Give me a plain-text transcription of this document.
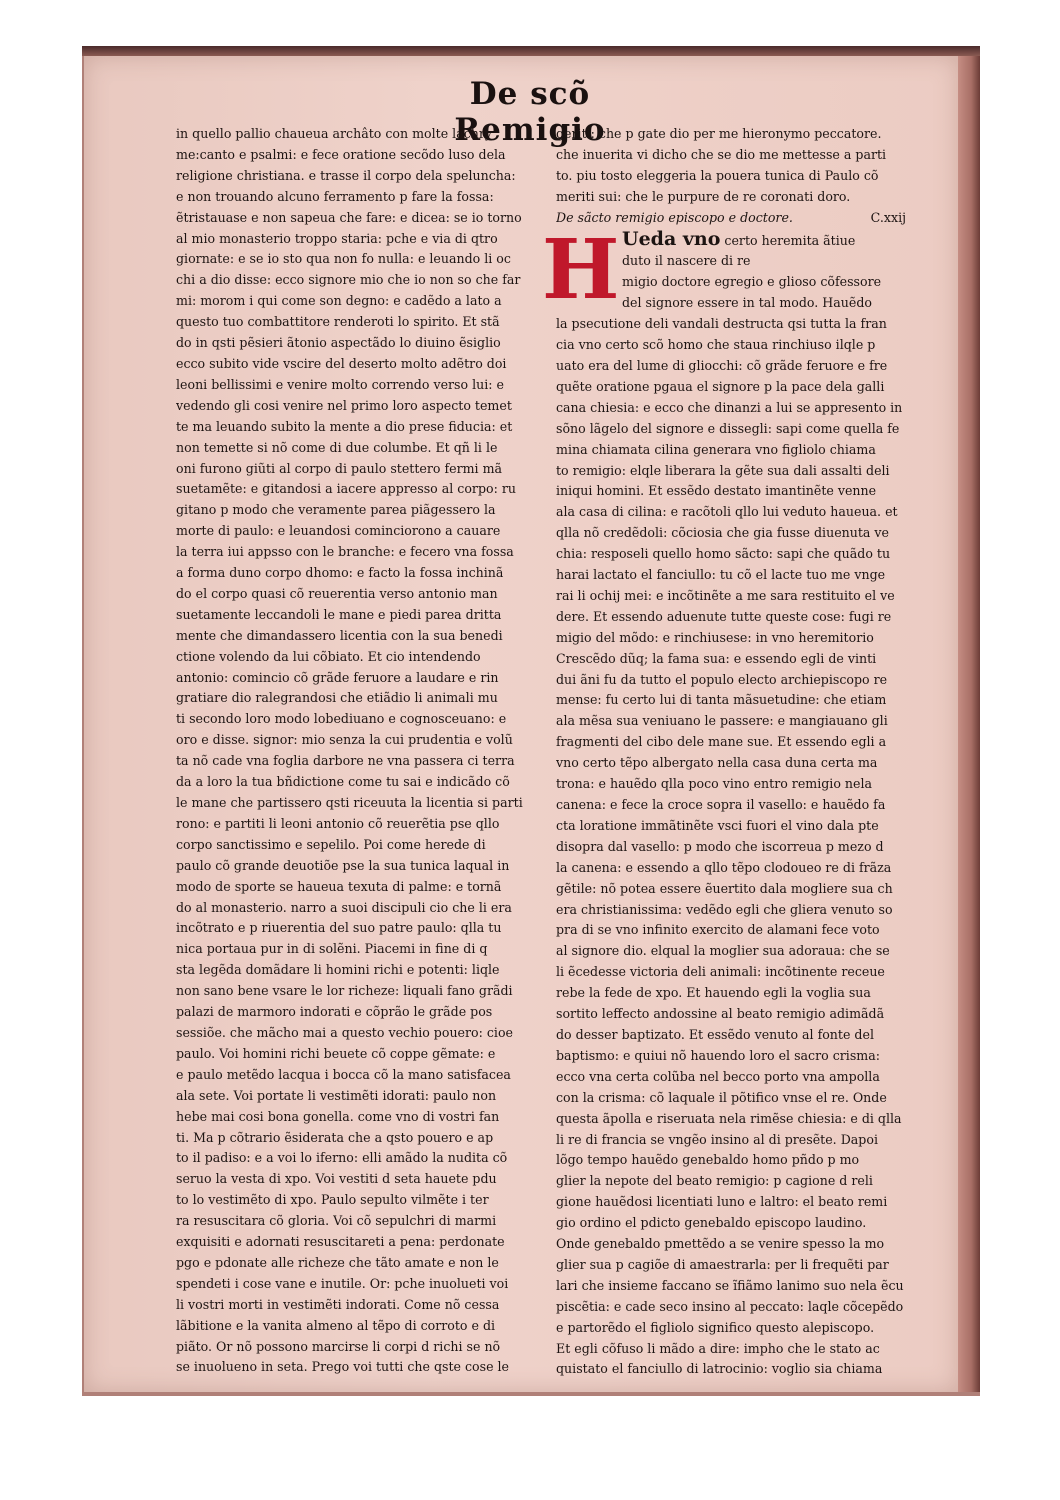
De scõ Remigio
in quello pallio chaueua archâto con molte lachry
me:canto e psalmi: e fece oratione secõdo luso dela
religione christiana. e trasse il corpo dela speluncha:
e non trouando alcuno ferramento p fare la fossa:
ẽtristauase e non sapeua che fare: e dicea: se io torno
al mio monasterio troppo staria: pche e via di qtro
giornate: e se io sto qua non fo nulla: e leuando li oc
chi a dio disse: ecco signore mio che io non so che far
mi: morom i qui come son degno: e cadẽdo a lato a
questo tuo combattitore renderoti lo spirito. Et stã
do in qsti pẽsieri ãtonio aspectãdo lo diuino ẽsiglio
ecco subito vide vscire del deserto molto adẽtro doi
leoni bellissimi e venire molto correndo verso lui: e
vedendo gli cosi venire nel primo loro aspecto temet
te ma leuando subito la mente a dio prese fiducia: et
non temette si nõ come di due columbe. Et qñ li le
oni furono giũti al corpo di paulo stettero fermi mã
suetamẽte: e gitandosi a iacere appresso al corpo: ru
gitano p modo che veramente parea piãgessero la
morte di paulo: e leuandosi cominciorono a cauare
la terra iui appsso con le branche: e fecero vna fossa
a forma duno corpo dhomo: e facto la fossa inchinã
do el corpo quasi cõ reuerentia verso antonio man
suetamente leccandoli le mane e piedi parea dritta
mente che dimandassero licentia con la sua benedi
ctione volendo da lui cõbiato. Et cio intendendo
antonio: comincio cõ grãde feruore a laudare e rin
gratiare dio ralegrandosi che etiãdio li animali mu
ti secondo loro modo lobediuano e cognosceuano: e
oro e disse. signor: mio senza la cui prudentia e volũ
ta nõ cade vna foglia darbore ne vna passera ci terra
da a loro la tua bñdictione come tu sai e indicãdo cõ
le mane che partissero qsti riceuuta la licentia si parti
rono: e partiti li leoni antonio cõ reuerẽtia pse qllo
corpo sanctissimo e sepelilo. Poi come herede di
paulo cõ grande deuotiõe pse la sua tunica laqual in
modo de sporte se haueua texuta di palme: e tornã
do al monasterio. narro a suoi discipuli cio che li era
incõtrato e p riuerentia del suo patre paulo: qlla tu
nica portaua pur in di solẽni. Piacemi in fine di q
sta legẽda domãdare li homini richi e potenti: liqle
non sano bene vsare le lor richeze: liquali fano grãdi
palazi de marmoro indorati e cõprão le grãde pos
sessiõe. che mãcho mai a questo vechio pouero: cioe
paulo. Voi homini richi beuete cõ coppe gẽmate: e
e paulo metẽdo lacqua i bocca cõ la mano satisfacea
ala sete. Voi portate li vestimẽti idorati: paulo non
hebe mai cosi bona gonella. come vno di vostri fan
ti. Ma p cõtrario ẽsiderata che a qsto pouero e ap
to il padiso: e a voi lo iferno: elli amãdo la nudita cõ
seruo la vesta di xpo. Voi vestiti d seta hauete pdu
to lo vestimẽto di xpo. Paulo sepulto vilmẽte i ter
ra resuscitara cõ gloria. Voi cõ sepulchri di marmi
exquisiti e adornati resuscitareti a pena: perdonate
pgo e pdonate alle richeze che tãto amate e non le
spendeti i cose vane e inutile. Or: pche inuolueti voi
li vostri morti in vestimẽti indorati. Come nõ cessa
lãbitione e la vanita almeno al tẽpo di corroto e di
piãto. Or nõ possono marcirse li corpi d richi se nõ
se inuolueno in seta. Prego voi tutti che qste cose le
geriti: che p gate dio per me hieronymo peccatore.
che inuerita vi dicho che se dio me mettesse a parti
to. piu tosto eleggeria la pouera tunica di Paulo cõ
meriti sui: che le purpure de re coronati doro.
De sãcto remigio episcopo e doctore.	C.xxij
H Ueda vno certo heremita ãtiue
duto il nascere di re
migio doctore egregio e glioso cõfessore
del signore essere in tal modo. Hauẽdo
la psecutione deli vandali destructa qsi tutta la fran
cia vno certo scõ homo che staua rinchiuso ilqle p
uato era del lume di gliocchi: cõ grãde feruore e fre
quẽte oratione pgaua el signore p la pace dela galli
cana chiesia: e ecco che dinanzi a lui se appresento in
sõno lãgelo del signore e dissegli: sapi come quella fe
mina chiamata cilina generara vno figliolo chiama
to remigio: elqle liberara la gẽte sua dali assalti deli
iniqui homini. Et essẽdo destato imantinẽte venne
ala casa di cilina: e racõtoli qllo lui veduto haueua. et
qlla nõ credẽdoli: cõciosia che gia fusse diuenuta ve
chia: resposeli quello homo sãcto: sapi che quãdo tu
harai lactato el fanciullo: tu cõ el lacte tuo me vnge
rai li ochij mei: e incõtinẽte a me sara restituito el ve
dere. Et essendo aduenute tutte queste cose: fugi re
migio del mõdo: e rinchiusese: in vno heremitorio
Crescẽdo dũq; la fama sua: e essendo egli de vinti
dui ãni fu da tutto el populo electo archiepiscopo re
mense: fu certo lui di tanta mãsuetudine: che etiam
ala mẽsa sua veniuano le passere: e mangiauano gli
fragmenti del cibo dele mane sue. Et essendo egli a
vno certo tẽpo albergato nella casa duna certa ma
trona: e hauẽdo qlla poco vino entro remigio nela
canena: e fece la croce sopra il vasello: e hauẽdo fa
cta loratione immãtinẽte vsci fuori el vino dala pte
disopra dal vasello: p modo che iscorreua p mezo d
la canena: e essendo a qllo tẽpo clodoueo re di frãza
gẽtile: nõ potea essere ẽuertito dala mogliere sua ch
era christianissima: vedẽdo egli che gliera venuto so
pra di se vno infinito exercito de alamani fece voto
al signore dio. elqual la moglier sua adoraua: che se
li ẽcedesse victoria deli animali: incõtinente receue
rebe la fede de xpo. Et hauendo egli la voglia sua
sortito leffecto andossine al beato remigio adimãdã
do desser baptizato. Et essẽdo venuto al fonte del
baptismo: e quiui nõ hauendo loro el sacro crisma:
ecco vna certa colũba nel becco porto vna ampolla
con la crisma: cõ laquale il põtifico vnse el re. Onde
questa ãpolla e riseruata nela rimẽse chiesia: e di qlla
li re di francia se vngẽo insino al di presẽte. Dapoi
lõgo tempo hauẽdo genebaldo homo pñdo p mo
glier la nepote del beato remigio: p cagione d reli
gione hauẽdosi licentiati luno e laltro: el beato remi
gio ordino el pdicto genebaldo episcopo laudino.
Onde genebaldo pmettẽdo a se venire spesso la mo
glier sua p cagiõe di amaestrarla: per li frequẽti par
lari che insieme faccano se ĩfiãmo lanimo suo nela ẽcu
piscẽtia: e cade seco insino al peccato: laqle cõcepẽdo
e partorẽdo el figliolo significo questo alepiscopo.
Et egli cõfuso li mãdo a dire: impho che le stato ac
quistato el fanciullo di latrocinio: voglio sia chiama
